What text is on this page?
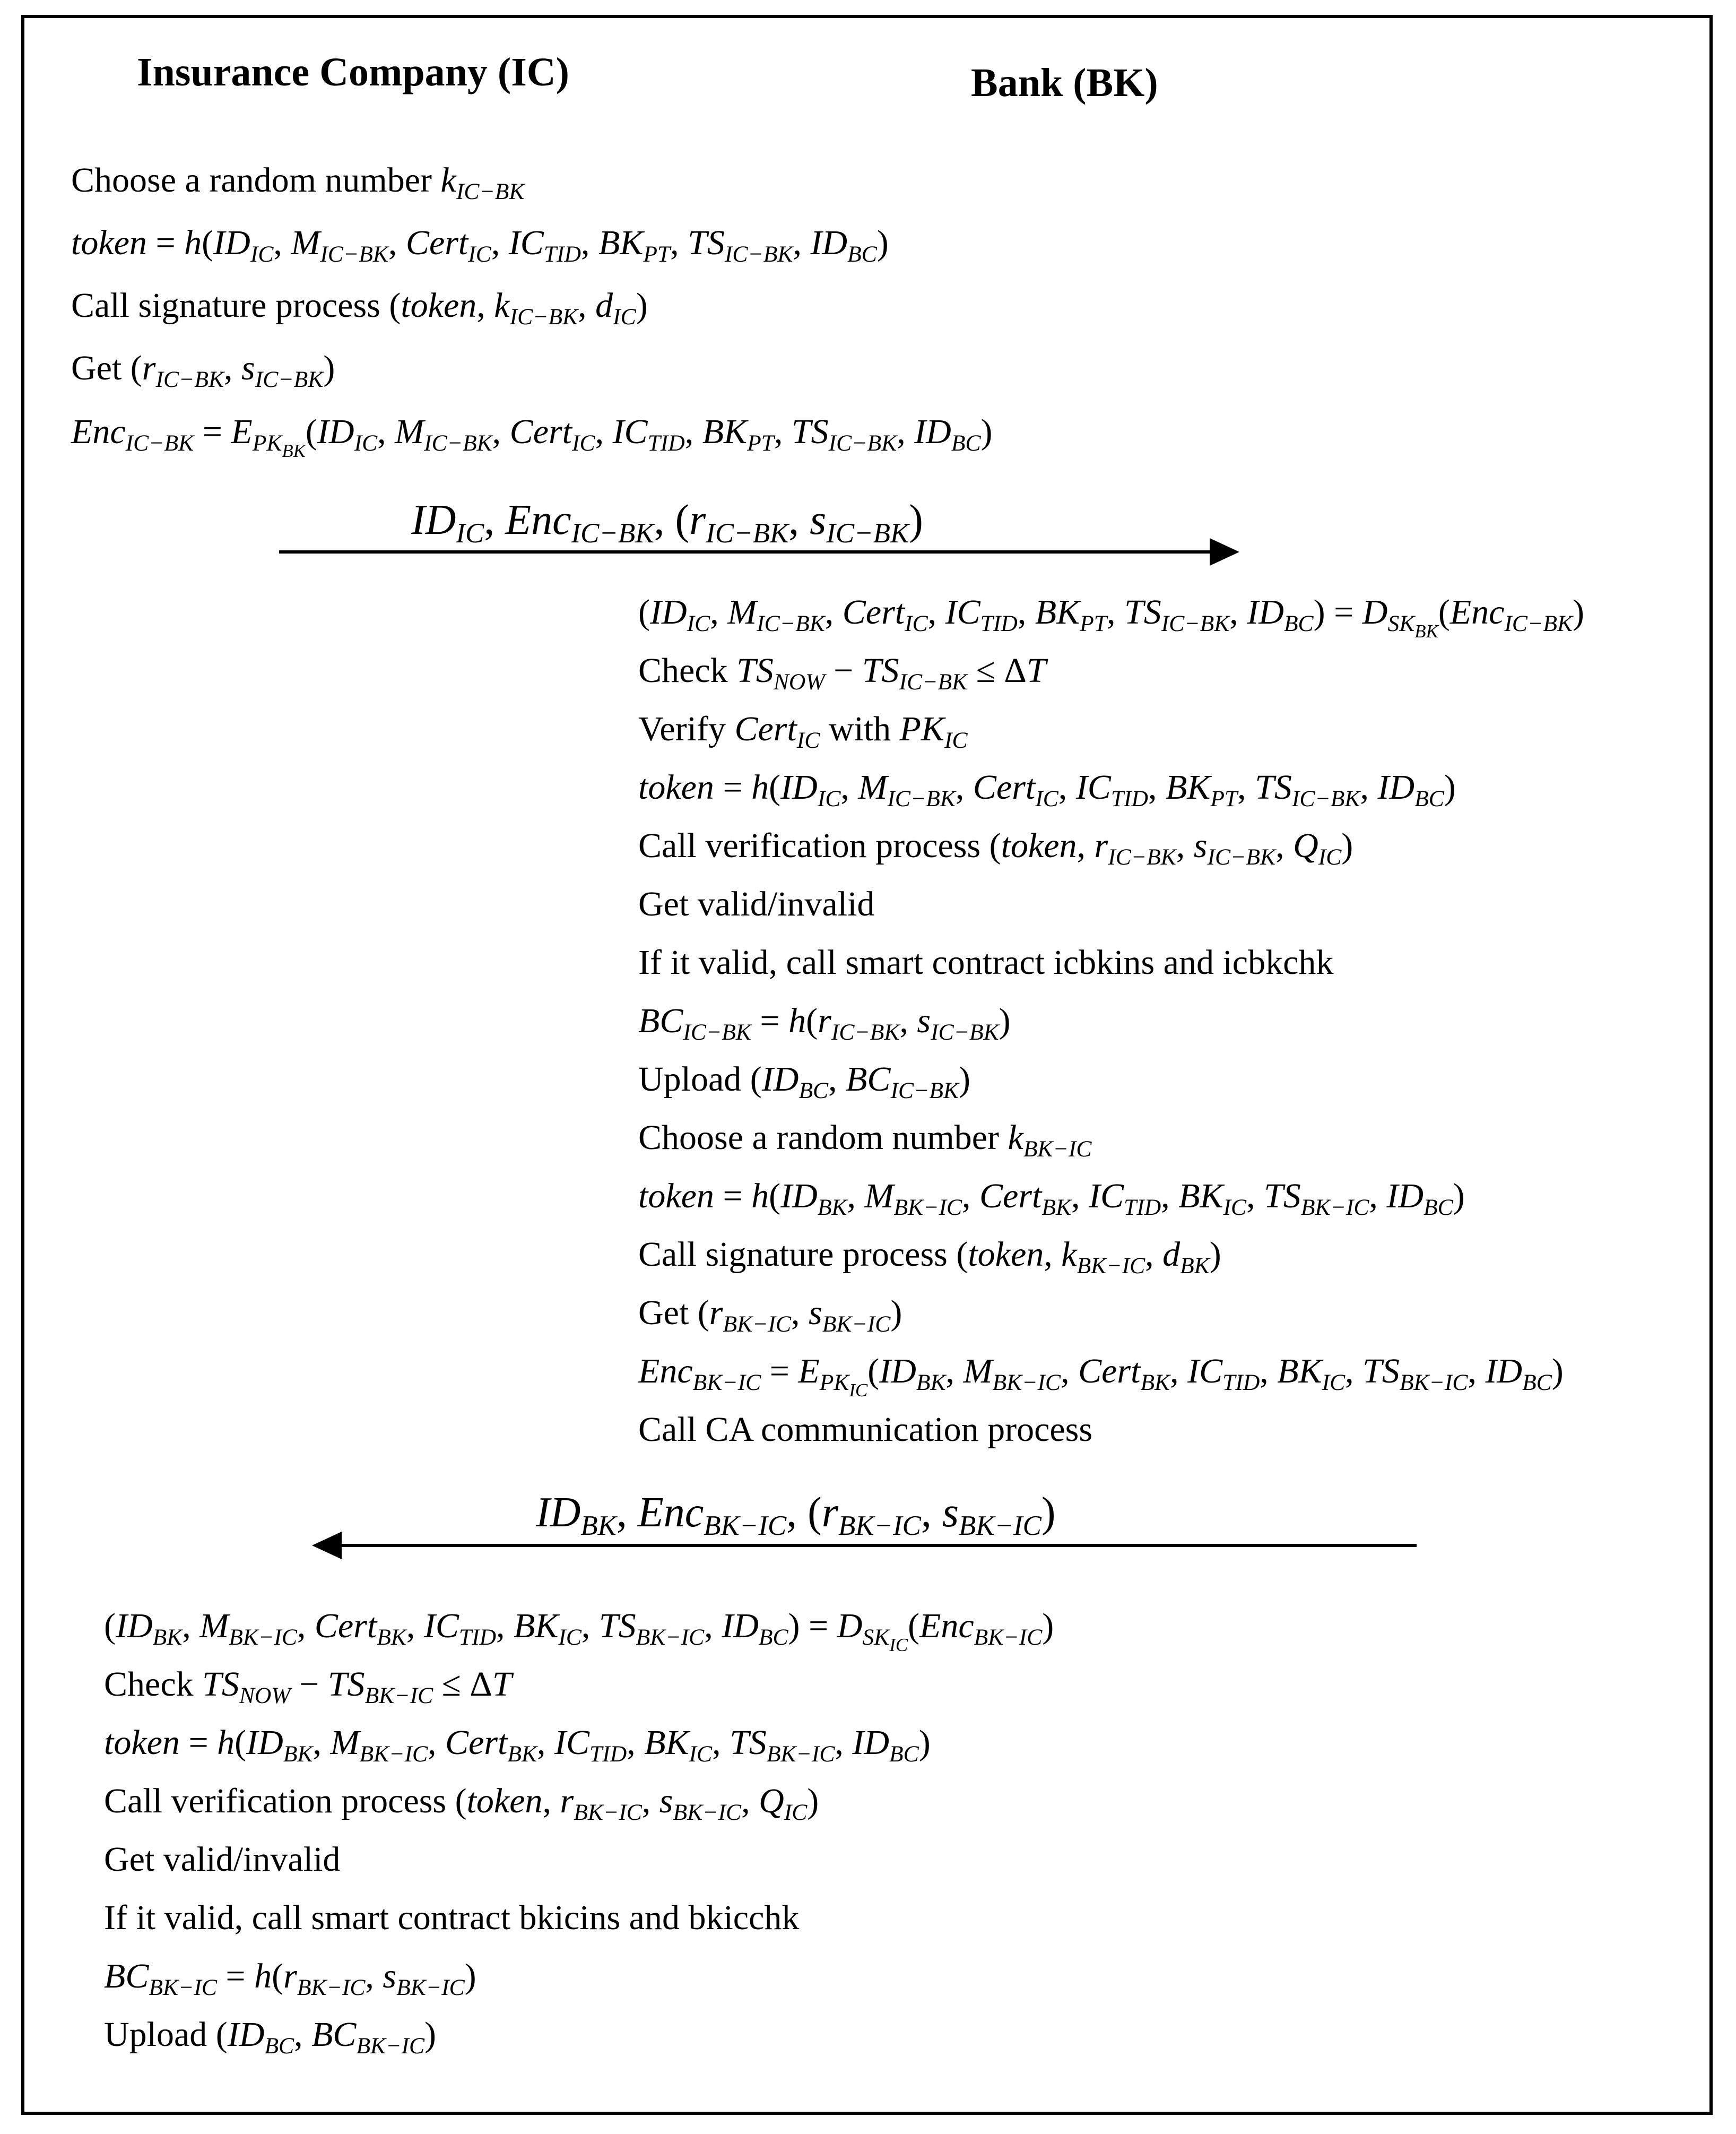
Insurance Company (IC)	Bank (BK)
Choose a random number $k_{IC-BK}$
token = $h(ID_{IC}$, $M_{IC-BK}$, Cert$_{IC}$, $IC_{TID}$, $BK_{PT}$, $TS_{IC-BK}$, $ID_{BC}$)
Call signature process (token, $k_{IC-BK}$, $d_{IC}$)
Get ($r_{IC-BK}$, $s_{IC-BK}$)
$Enc_{IC-BK} = E_{PK_{BK}}(ID_{IC}$, $M_{IC-BK}$, Cert$_{IC}$, $IC_{TID}$, $BK_{PT}$, $TS_{IC-BK}$, $ID_{BC}$)
$ID_{IC}$, Enc$_{IC-BK}$, ($r_{IC-BK}$, $s_{IC-BK}$)
($ID_{IC}$, $M_{IC-BK}$, Cert$_{IC}$, $IC_{TID}$, $BK_{PT}$, $TS_{IC-BK}$, $ID_{BC}) = D_{SK_{BK}}(Enc_{IC-BK})$
Check $TS_{NOW} - TS_{IC-BK} \le \Delta T$
Verify Cert$_{IC}$ with $PK_{IC}$
token = $h(ID_{IC}$, $M_{IC-BK}$, Cert$_{IC}$, $IC_{TID}$, $BK_{PT}$, $TS_{IC-BK}$, $ID_{BC}$)
Call verification process (token, $r_{IC-BK}$, $s_{IC-BK}$, $Q_{IC}$)
Get valid/invalid
If it valid, call smart contract icbkins and icbkchk
$BC_{IC-BK} = h(r_{IC-BK}$, $s_{IC-BK}$)
Upload ($ID_{BC}$, $BC_{IC-BK}$)
Choose a random number $k_{BK-IC}$
token = $h(ID_{BK}$, $M_{BK-IC}$, Cert$_{BK}$, $IC_{TID}$, $BK_{IC}$, $TS_{BK-IC}$, $ID_{BC}$)
Call signature process (token, $k_{BK-IC}$, $d_{BK}$)
Get ($r_{BK-IC}$, $s_{BK-IC}$)
$Enc_{BK-IC} = E_{PK_{IC}}(ID_{BK}$, $M_{BK-IC}$, Cert$_{BK}$, $IC_{TID}$, $BK_{IC}$, $TS_{BK-IC}$, $ID_{BC}$)
Call CA communication process
$ID_{BK}$, Enc$_{BK-IC}$, ($r_{BK-IC}$, $s_{BK-IC}$)
($ID_{BK}$, $M_{BK-IC}$, Cert$_{BK}$, $IC_{TID}$, $BK_{IC}$, $TS_{BK-IC}$, $ID_{BC}) = D_{SK_{IC}}(Enc_{BK-IC})$
Check $TS_{NOW} - TS_{BK-IC} \le \Delta T$
token = $h(ID_{BK}$, $M_{BK-IC}$, Cert$_{BK}$, $IC_{TID}$, $BK_{IC}$, $TS_{BK-IC}$, $ID_{BC}$)
Call verification process (token, $r_{BK-IC}$, $s_{BK-IC}$, $Q_{IC}$)
Get valid/invalid
If it valid, call smart contract bkicins and bkicchk
$BC_{BK-IC} = h(r_{BK-IC}$, $s_{BK-IC}$)
Upload ($ID_{BC}$, $BC_{BK-IC}$)
